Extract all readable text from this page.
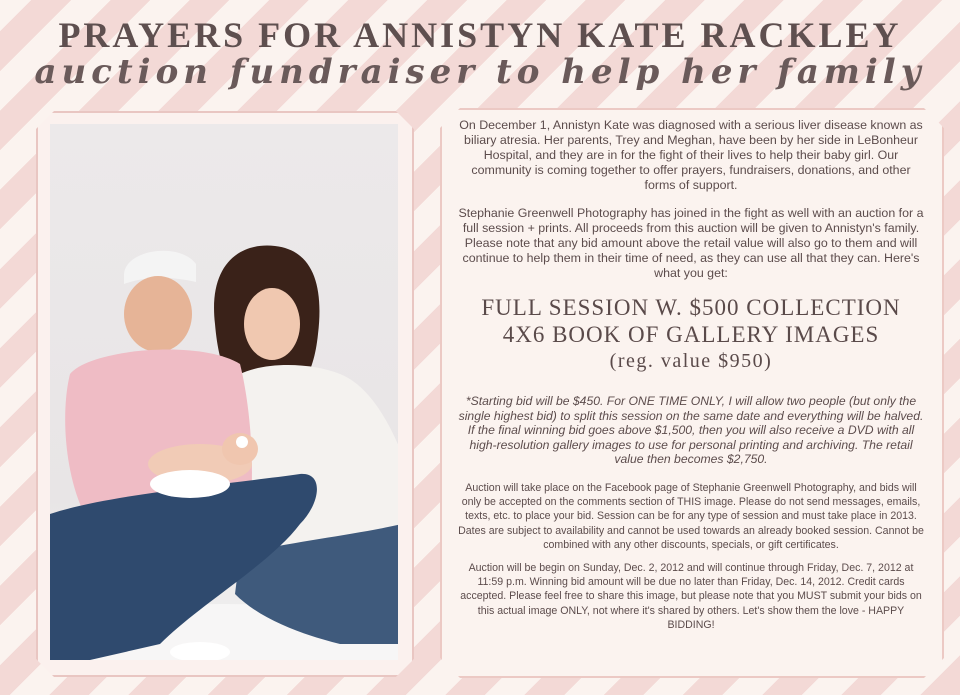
PRAYERS FOR ANNISTYN KATE RACKLEY
auction fundraiser to help her family

On December 1, Annistyn Kate was diagnosed with a serious liver disease known as biliary atresia. Her parents, Trey and Meghan, have been by her side in LeBonheur Hospital, and they are in for the fight of their lives to help their baby girl. Our community is coming together to offer prayers, fundraisers, donations, and other forms of support.

Stephanie Greenwell Photography has joined in the fight as well with an auction for a full session + prints. All proceeds from this auction will be given to Annistyn's family. Please note that any bid amount above the retail value will also go to them and will continue to help them in their time of need, as they can use all that they can. Here's what you get:

FULL SESSION W. $500 COLLECTION
4X6 BOOK OF GALLERY IMAGES
(reg. value $950)

*Starting bid will be $450. For ONE TIME ONLY, I will allow two people (but only the single highest bid) to split this session on the same date and everything will be halved. If the final winning bid goes above $1,500, then you will also receive a DVD with all high-resolution gallery images to use for personal printing and archiving. The retail value then becomes $2,750.

Auction will take place on the Facebook page of Stephanie Greenwell Photography, and bids will only be accepted on the comments section of THIS image. Please do not send messages, emails, texts, etc. to place your bid. Session can be for any type of session and must take place in 2013. Dates are subject to availability and cannot be used towards an already booked session. Cannot be combined with any other discounts, specials, or gift certificates.

Auction will be begin on Sunday, Dec. 2, 2012 and will continue through Friday, Dec. 7, 2012 at 11:59 p.m. Winning bid amount will be due no later than Friday, Dec. 14, 2012. Credit cards accepted. Please feel free to share this image, but please note that you MUST submit your bids on this actual image ONLY, not where it's shared by others. Let's show them the love - HAPPY BIDDING!
